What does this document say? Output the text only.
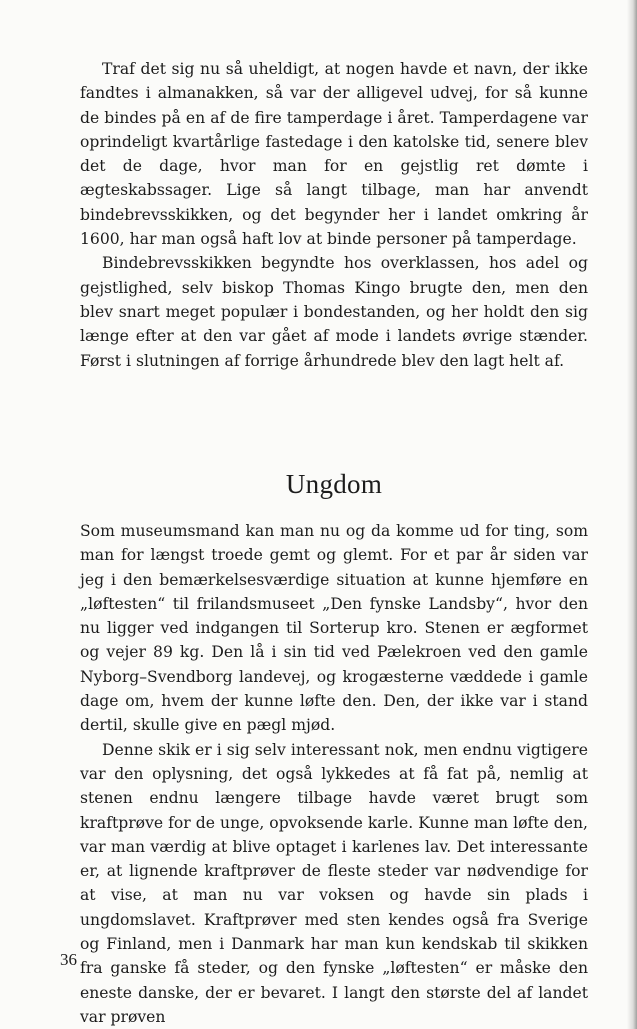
Traf det sig nu så uheldigt, at nogen havde et navn, der ikke fandtes i almanakken, så var der alligevel udvej, for så kunne de bindes på en af de fire tamperdage i året. Tamperdagene var oprindeligt kvartårlige fastedage i den katolske tid, senere blev det de dage, hvor man for en gejstlig ret dømte i ægteskabssager. Lige så langt tilbage, man har anvendt bindebrevsskikken, og det begynder her i landet omkring år 1600, har man også haft lov at binde personer på tamperdage.

Bindebrevsskikken begyndte hos overklassen, hos adel og gejstlighed, selv biskop Thomas Kingo brugte den, men den blev snart meget populær i bondestanden, og her holdt den sig længe efter at den var gået af mode i landets øvrige stænder. Først i slutningen af forrige århundrede blev den lagt helt af.

Ungdom

Som museumsmand kan man nu og da komme ud for ting, som man for længst troede gemt og glemt. For et par år siden var jeg i den bemærkelsesværdige situation at kunne hjemføre en „løftesten“ til frilandsmuseet „Den fynske Landsby“, hvor den nu ligger ved indgangen til Sorterup kro. Stenen er ægformet og vejer 89 kg. Den lå i sin tid ved Pælekroen ved den gamle Nyborg–Svendborg landevej, og krogæsterne væddede i gamle dage om, hvem der kunne løfte den. Den, der ikke var i stand dertil, skulle give en pægl mjød.

Denne skik er i sig selv interessant nok, men endnu vigtigere var den oplysning, det også lykkedes at få fat på, nemlig at stenen endnu længere tilbage havde været brugt som kraftprøve for de unge, opvoksende karle. Kunne man løfte den, var man værdig at blive optaget i karlenes lav. Det interessante er, at lignende kraftprøver de fleste steder var nødvendige for at vise, at man nu var voksen og havde sin plads i ungdomslavet. Kraftprøver med sten kendes også fra Sverige og Finland, men i Danmark har man kun kendskab til skikken fra ganske få steder, og den fynske „løftesten“ er måske den eneste danske, der er bevaret. I langt den største del af landet var prøven

36
